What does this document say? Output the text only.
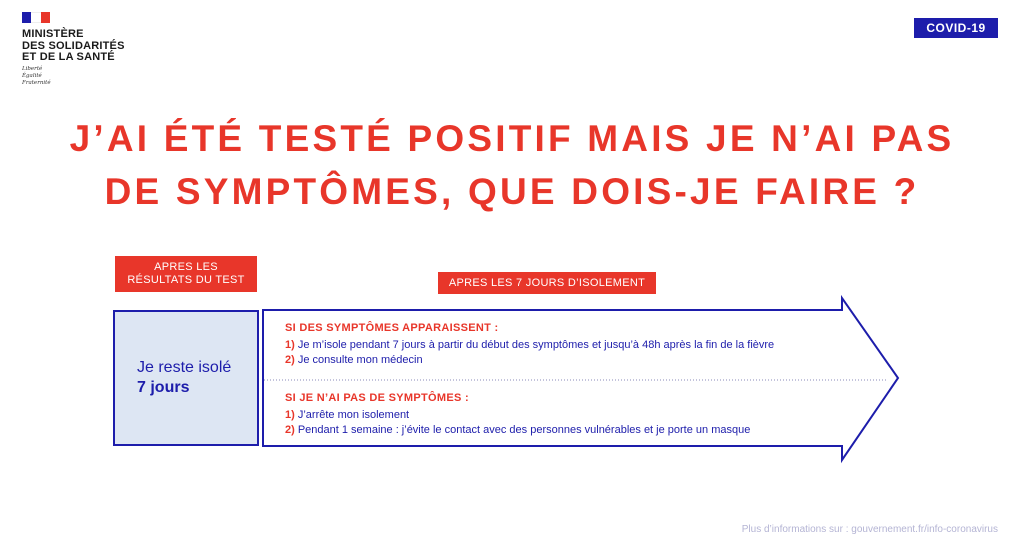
MINISTÈRE
DES SOLIDARITÉS
ET DE LA SANTÉ
Liberté
Égalité
Fraternité
COVID-19
J’AI ÉTÉ TESTÉ POSITIF MAIS JE N’AI PAS
DE SYMPTÔMES, QUE DOIS-JE FAIRE ?
APRES LES
RÉSULTATS DU TEST	APRES LES 7 JOURS D’ISOLEMENT
Je reste isolé
7 jours
SI DES SYMPTÔMES APPARAISSENT :
1) Je m’isole pendant 7 jours à partir du début des symptômes et jusqu’à 48h après la fin de la fièvre
2) Je consulte mon médecin
SI JE N’AI PAS DE SYMPTÔMES :
1) J’arrête mon isolement
2) Pendant 1 semaine : j’évite le contact avec des personnes vulnérables et je porte un masque
Plus d’informations sur : gouvernement.fr/info-coronavirus
